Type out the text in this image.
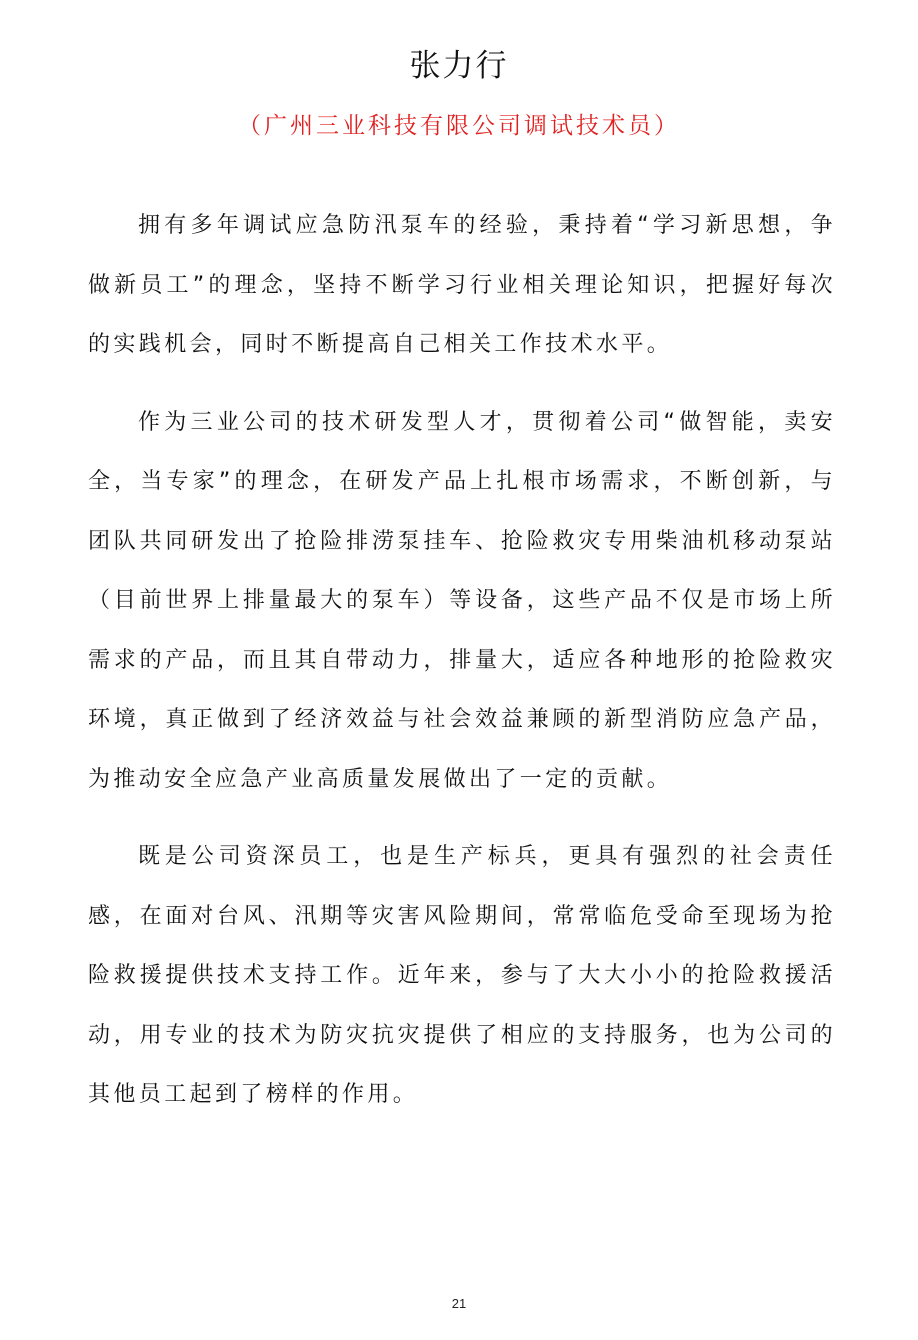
张力行
（广州三业科技有限公司调试技术员）

拥有多年调试应急防汛泵车的经验，秉持着“学习新思想，争做新员工”的理念，坚持不断学习行业相关理论知识，把握好每次的实践机会，同时不断提高自己相关工作技术水平。

作为三业公司的技术研发型人才，贯彻着公司“做智能，卖安全，当专家”的理念，在研发产品上扎根市场需求，不断创新，与团队共同研发出了抢险排涝泵挂车、抢险救灾专用柴油机移动泵站（目前世界上排量最大的泵车）等设备，这些产品不仅是市场上所需求的产品，而且其自带动力，排量大，适应各种地形的抢险救灾环境，真正做到了经济效益与社会效益兼顾的新型消防应急产品，为推动安全应急产业高质量发展做出了一定的贡献。

既是公司资深员工，也是生产标兵，更具有强烈的社会责任感，在面对台风、汛期等灾害风险期间，常常临危受命至现场为抢险救援提供技术支持工作。近年来，参与了大大小小的抢险救援活动，用专业的技术为防灾抗灾提供了相应的支持服务，也为公司的其他员工起到了榜样的作用。

21
